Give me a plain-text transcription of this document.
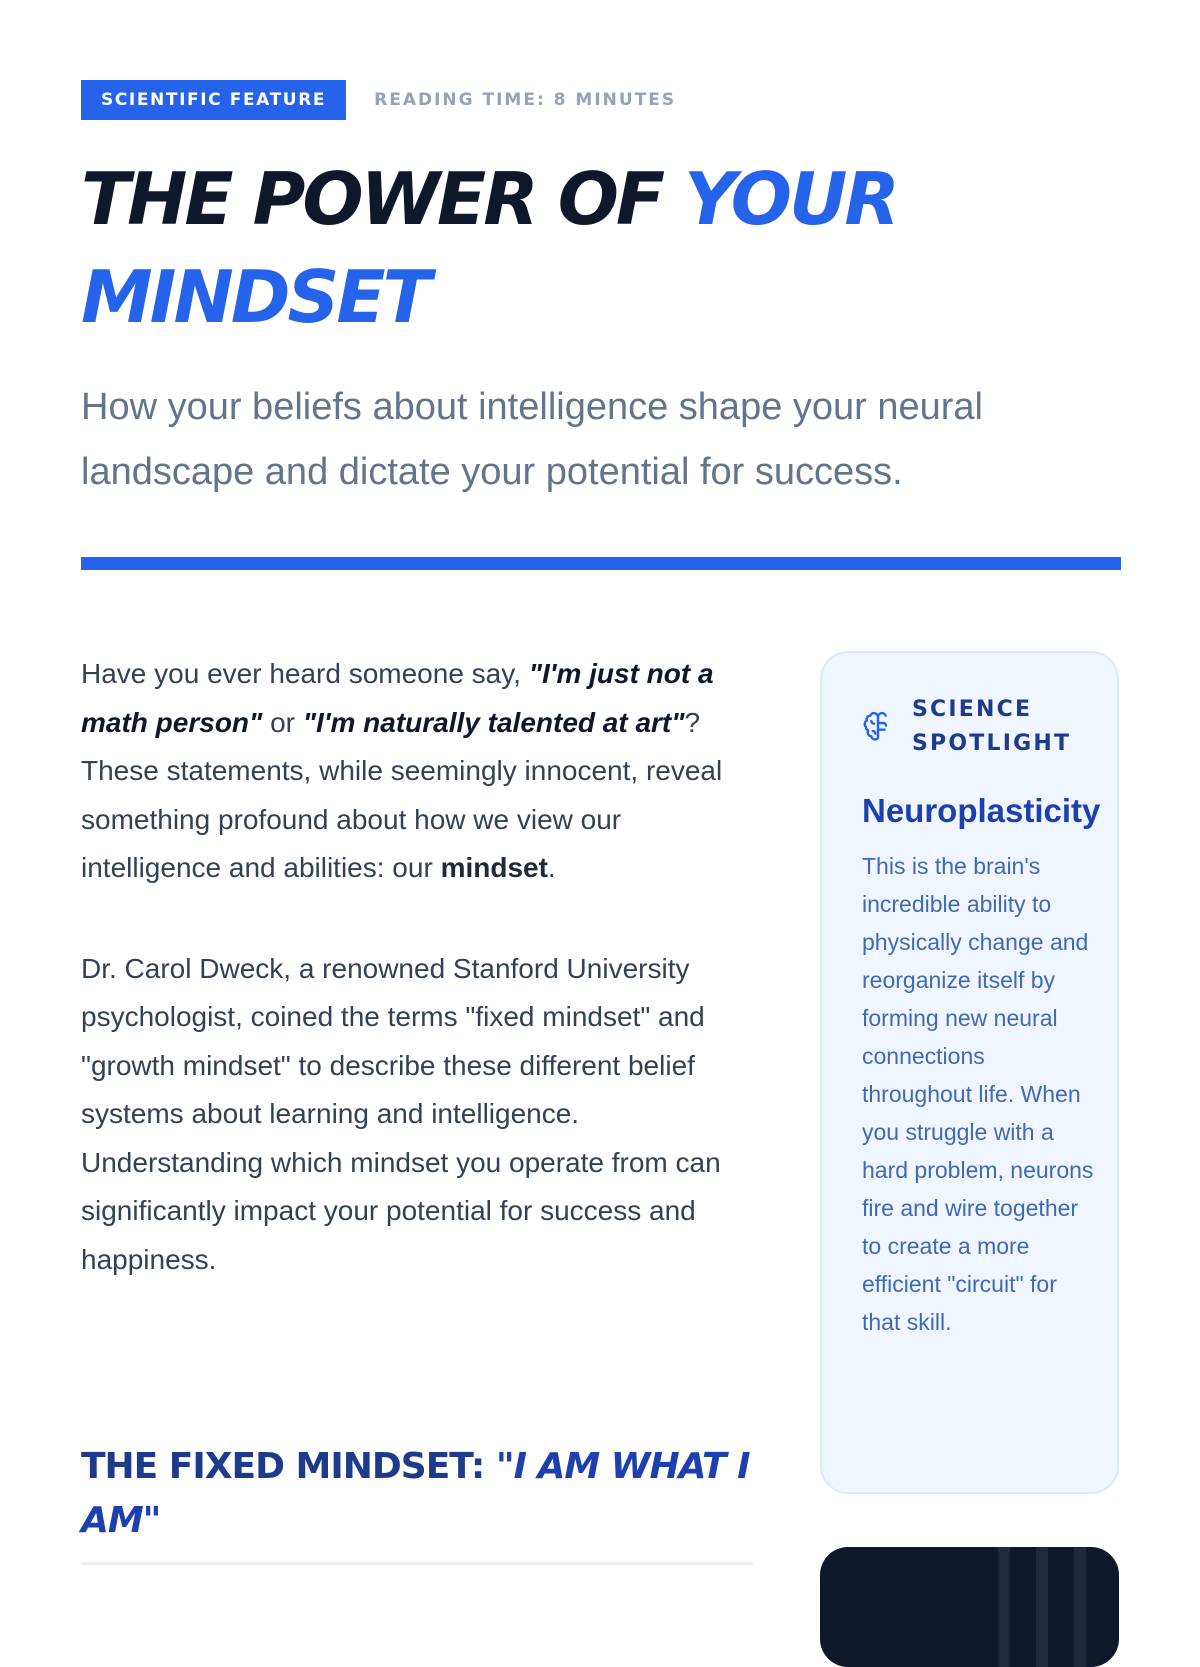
SCIENTIFIC FEATURE	READING TIME: 8 MINUTES
THE POWER OF YOUR MINDSET

How your beliefs about intelligence shape your neural landscape and dictate your potential for success.

Have you ever heard someone say, "I'm just not a math person" or "I'm naturally talented at art"? These statements, while seemingly innocent, reveal something profound about how we view our intelligence and abilities: our mindset.

Dr. Carol Dweck, a renowned Stanford University psychologist, coined the terms "fixed mindset" and "growth mindset" to describe these different belief systems about learning and intelligence. Understanding which mindset you operate from can significantly impact your potential for success and happiness.

THE FIXED MINDSET: "I AM WHAT I AM"
SCIENCE SPOTLIGHT
Neuroplasticity

This is the brain's incredible ability to physically change and reorganize itself by forming new neural connections throughout life. When you struggle with a hard problem, neurons fire and wire together to create a more efficient "circuit" for that skill.
